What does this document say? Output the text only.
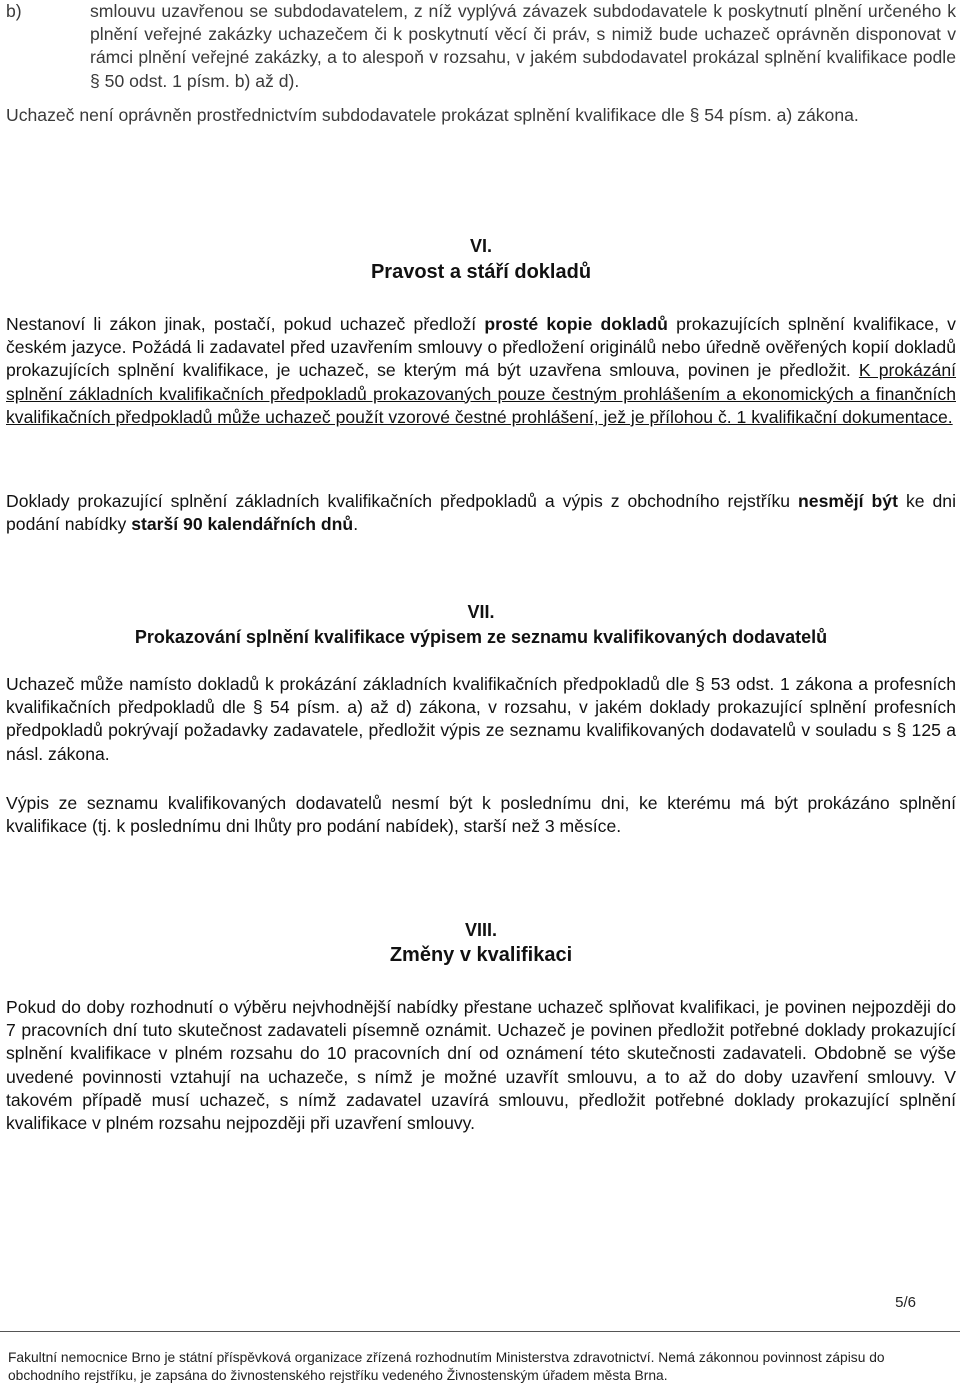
b)	smlouvu uzavřenou se subdodavatelem, z níž vyplývá závazek subdodavatele k poskytnutí plnění určeného k plnění veřejné zakázky uchazečem či k poskytnutí věcí či práv, s nimiž bude uchazeč oprávněn disponovat v rámci plnění veřejné zakázky, a to alespoň v rozsahu, v jakém subdodavatel prokázal splnění kvalifikace podle § 50 odst. 1 písm. b) až d).

Uchazeč není oprávněn prostřednictvím subdodavatele prokázat splnění kvalifikace dle § 54 písm. a) zákona.

VI.

Pravost a stáří dokladů

Nestanoví li zákon jinak, postačí, pokud uchazeč předloží prosté kopie dokladů prokazujících splnění kvalifikace, v českém jazyce. Požádá li zadavatel před uzavřením smlouvy o předložení originálů nebo úředně ověřených kopií dokladů prokazujících splnění kvalifikace, je uchazeč, se kterým má být uzavřena smlouva, povinen je předložit. K prokázání splnění základních kvalifikačních předpokladů prokazovaných pouze čestným prohlášením a ekonomických a finančních kvalifikačních předpokladů může uchazeč použít vzorové čestné prohlášení, jež je přílohou č. 1 kvalifikační dokumentace.

Doklady prokazující splnění základních kvalifikačních předpokladů a výpis z obchodního rejstříku nesmějí být ke dni podání nabídky starší 90 kalendářních dnů.

VII.

Prokazování splnění kvalifikace výpisem ze seznamu kvalifikovaných dodavatelů

Uchazeč může namísto dokladů k prokázání základních kvalifikačních předpokladů dle § 53 odst. 1 zákona a profesních kvalifikačních předpokladů dle § 54 písm. a) až d) zákona, v rozsahu, v jakém doklady prokazující splnění profesních předpokladů pokrývají požadavky zadavatele, předložit výpis ze seznamu kvalifikovaných dodavatelů v souladu s § 125 a násl. zákona.

Výpis ze seznamu kvalifikovaných dodavatelů nesmí být k poslednímu dni, ke kterému má být prokázáno splnění kvalifikace (tj. k poslednímu dni lhůty pro podání nabídek), starší než 3 měsíce.

VIII.

Změny v kvalifikaci

Pokud do doby rozhodnutí o výběru nejvhodnější nabídky přestane uchazeč splňovat kvalifikaci, je povinen nejpozději do 7 pracovních dní tuto skutečnost zadavateli písemně oznámit. Uchazeč je povinen předložit potřebné doklady prokazující splnění kvalifikace v plném rozsahu do 10 pracovních dní od oznámení této skutečnosti zadavateli. Obdobně se výše uvedené povinnosti vztahují na uchazeče, s nímž je možné uzavřít smlouvu, a to až do doby uzavření smlouvy. V takovém případě musí uchazeč, s nímž zadavatel uzavírá smlouvu, předložit potřebné doklady prokazující splnění kvalifikace v plném rozsahu nejpozději při uzavření smlouvy.

5/6
Fakultní nemocnice Brno je státní příspěvková organizace zřízená rozhodnutím Ministerstva zdravotnictví. Nemá zákonnou povinnost zápisu do obchodního rejstříku, je zapsána do živnostenského rejstříku vedeného Živnostenským úřadem města Brna.
